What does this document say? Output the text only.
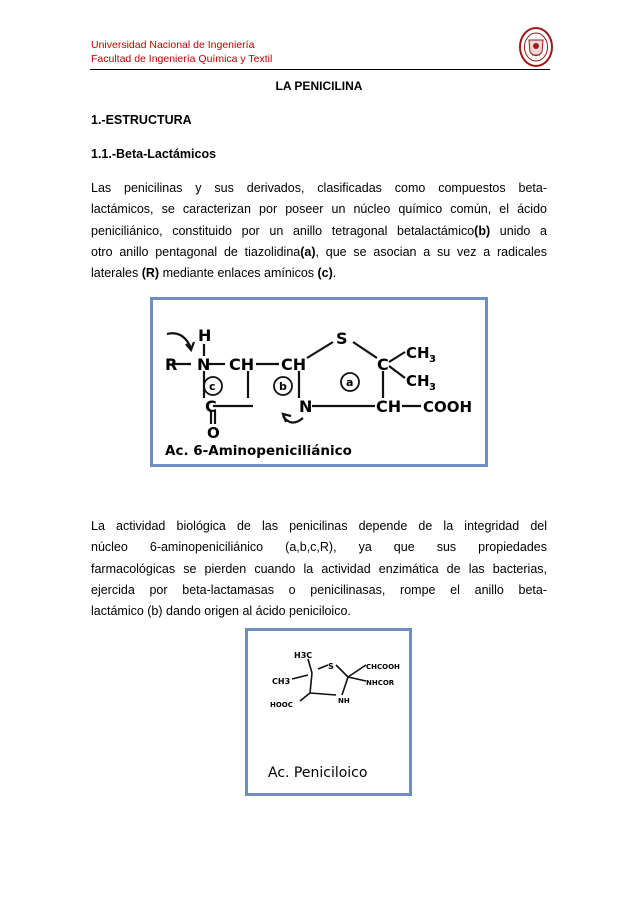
Universidad Nacional de Ingeniería
Facultad de Ingeniería Química y Textil
LA PENICILINA
1.-ESTRUCTURA
1.1.-Beta-Lactámicos
Las penicilinas y sus derivados, clasificadas como compuestos beta-
lactámicos, se caracterizan por poseer un núcleo químico común, el ácido
peniciliánico, constituido por un anillo tetragonal betalactámico(b) unido a
otro anillo pentagonal de tiazolidina(a), que se asocian a su vez a radicales
laterales (R) mediante enlaces amínicos (c).
R N
H
CH CH
S
C
CH 3
CH 3
C
O
N	CH COOH
c	b	a
Ac. 6-Aminopeniciliánico
La actividad biológica de las penicilinas depende de la integridad del
núcleo 6-aminopeniciliánico (a,b,c,R), ya que sus propiedades
farmacológicas se pierden cuando la actividad enzimática de las bacterias,
ejercida por beta-lactamasas o penicilinasas, rompe el anillo beta-
lactámico (b) dando origen al ácido peniciloico.
H3C
CH3
S	CHCOOH
NHCOR
NH
HOOC
Ac. Peniciloico
